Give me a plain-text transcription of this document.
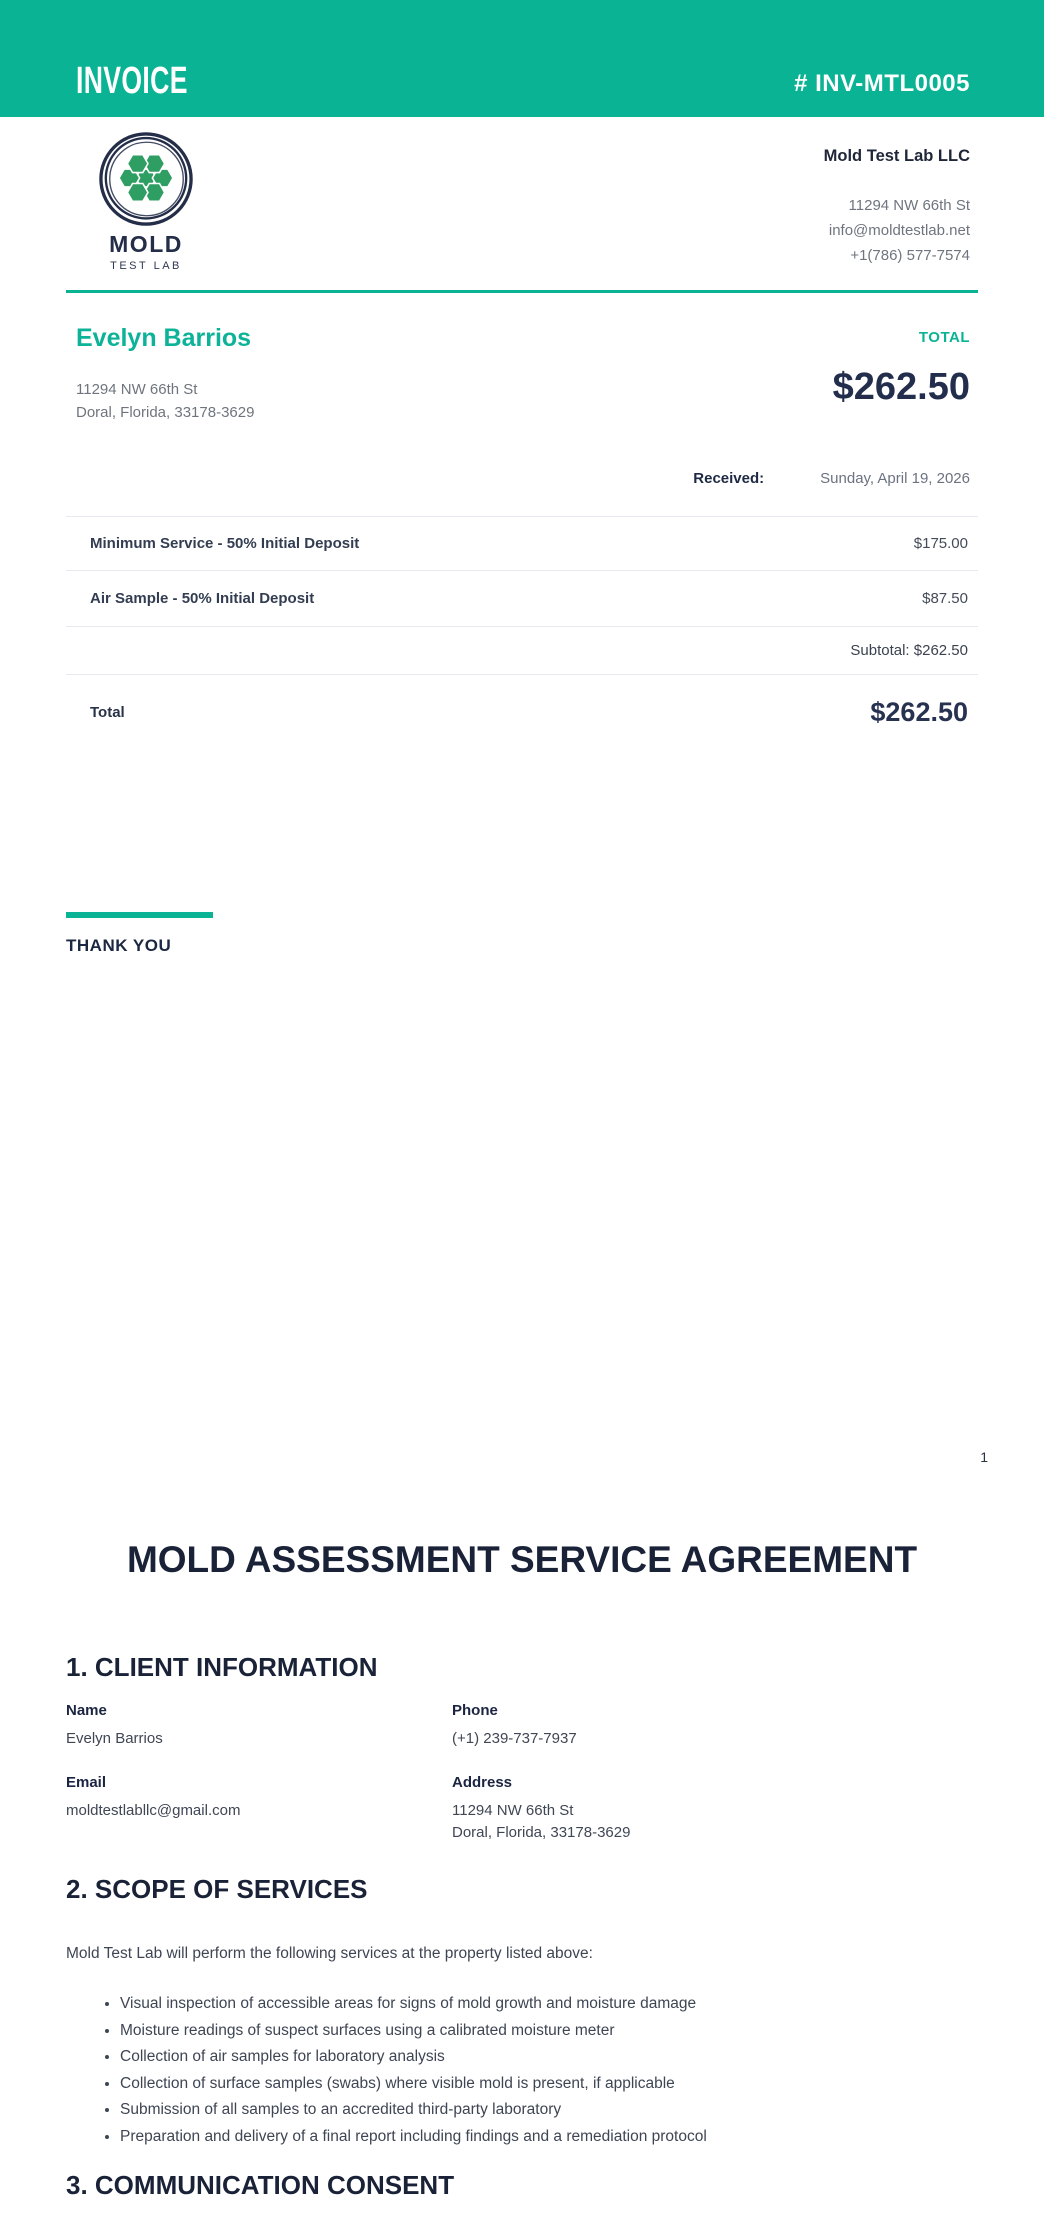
INVOICE	# INV-MTL0005
MOLD
TEST LAB
Mold Test Lab LLC
11294 NW 66th St
info@moldtestlab.net
+1(786) 577-7574
Evelyn Barrios
11294 NW 66th St
Doral, Florida, 33178-3629
TOTAL
$262.50
Received:	Sunday, April 19, 2026
Minimum Service - 50% Initial Deposit	$175.00
Air Sample - 50% Initial Deposit	$87.50
Subtotal: $262.50
Total	$262.50
THANK YOU
1
MOLD ASSESSMENT SERVICE AGREEMENT
1. CLIENT INFORMATION
Name
Evelyn Barrios
Phone
(+1) 239-737-7937
Email
moldtestlabllc@gmail.com
Address
11294 NW 66th St
Doral, Florida, 33178-3629
2. SCOPE OF SERVICES
Mold Test Lab will perform the following services at the property listed above:
• Visual inspection of accessible areas for signs of mold growth and moisture damage
• Moisture readings of suspect surfaces using a calibrated moisture meter
• Collection of air samples for laboratory analysis
• Collection of surface samples (swabs) where visible mold is present, if applicable
• Submission of all samples to an accredited third-party laboratory
• Preparation and delivery of a final report including findings and a remediation protocol
3. COMMUNICATION CONSENT
